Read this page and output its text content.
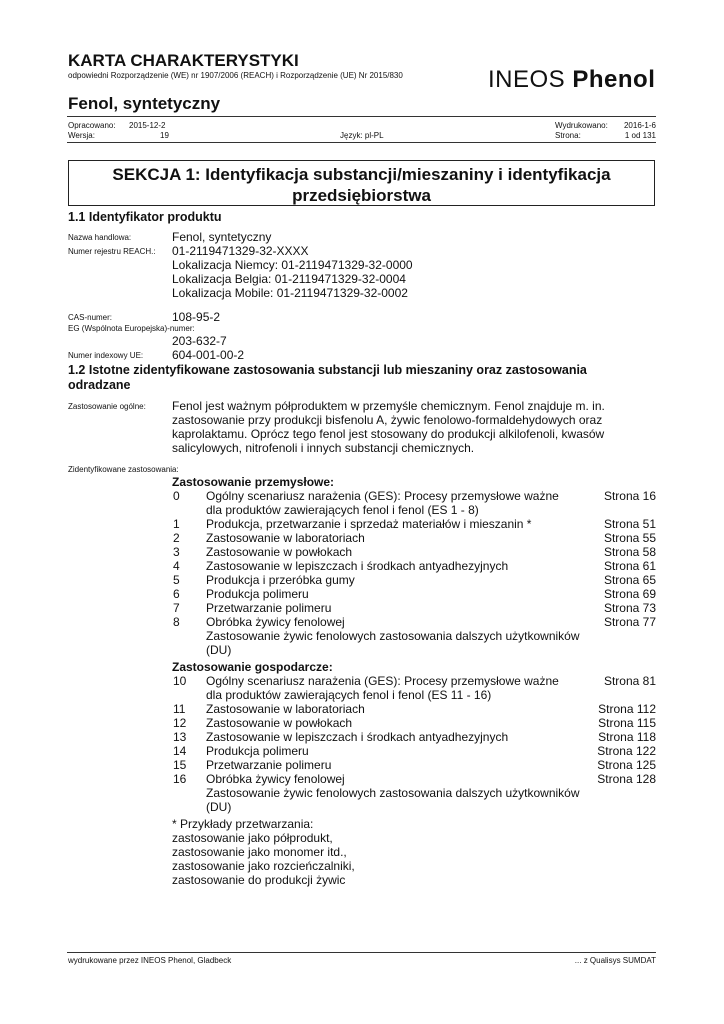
KARTA CHARAKTERYSTYKI
odpowiedni Rozporządzenie (WE) nr 1907/2006 (REACH) i Rozporządzenie (UE) Nr 2015/830
Fenol, syntetyczny
INEOS Phenol
Opracowano: 2015-12-2
Wersja:	19	Język: pl-PL
Wydrukowano: 2016-1-6
Strona:	1 od 131
SEKCJA 1: Identyfikacja substancji/mieszaniny i identyfikacja
przedsiębiorstwa
1.1 Identyfikator produktu
Nazwa handlowa:	Fenol, syntetyczny
Numer rejestru REACH.: 01-2119471329-32-XXXX
Lokalizacja Niemcy: 01-2119471329-32-0000
Lokalizacja Belgia: 01-2119471329-32-0004
Lokalizacja Mobile: 01-2119471329-32-0002
CAS-numer:	108-95-2
EG (Wspólnota Europejska)-numer:
203-632-7
Numer indexowy UE: 604-001-00-2
1.2 Istotne zidentyfikowane zastosowania substancji lub mieszaniny oraz zastosowania
odradzane
Zastosowanie ogólne: Fenol jest ważnym półproduktem w przemyśle chemicznym. Fenol znajduje m. in.
zastosowanie przy produkcji bisfenolu A, żywic fenolowo-formaldehydowych oraz
kaprolaktamu. Oprócz tego fenol jest stosowany do produkcji alkilofenoli, kwasów
salicylowych, nitrofenoli i innych substancji chemicznych.
Zidentyfikowane zastosowania:
Zastosowanie przemysłowe:
0 Ogólny scenariusz narażenia (GES): Procesy przemysłowe ważne
dla produktów zawierających fenol i fenol (ES 1 - 8)
Strona 16
1 Produkcja, przetwarzanie i sprzedaż materiałów i mieszanin *	Strona 51
2 Zastosowanie w laboratoriach	Strona 55
3 Zastosowanie w powłokach	Strona 58
4 Zastosowanie w lepiszczach i środkach antyadhezyjnych	Strona 61
5 Produkcja i przeróbka gumy	Strona 65
6 Produkcja polimeru	Strona 69
7 Przetwarzanie polimeru	Strona 73
8 Obróbka żywicy fenolowej
Zastosowanie żywic fenolowych zastosowania dalszych użytkowników
(DU)
Strona 77
Zastosowanie gospodarcze:
10 Ogólny scenariusz narażenia (GES): Procesy przemysłowe ważne
dla produktów zawierających fenol i fenol (ES 11 - 16)
Strona 81
11 Zastosowanie w laboratoriach	Strona 112
12 Zastosowanie w powłokach	Strona 115
13 Zastosowanie w lepiszczach i środkach antyadhezyjnych	Strona 118
14 Produkcja polimeru	Strona 122
15 Przetwarzanie polimeru	Strona 125
16 Obróbka żywicy fenolowej
Zastosowanie żywic fenolowych zastosowania dalszych użytkowników
(DU)
Strona 128
* Przykłady przetwarzania:
zastosowanie jako półprodukt,
zastosowanie jako monomer itd.,
zastosowanie jako rozcieńczalniki,
zastosowanie do produkcji żywic
wydrukowane przez INEOS Phenol, Gladbeck	... z Qualisys SUMDAT
